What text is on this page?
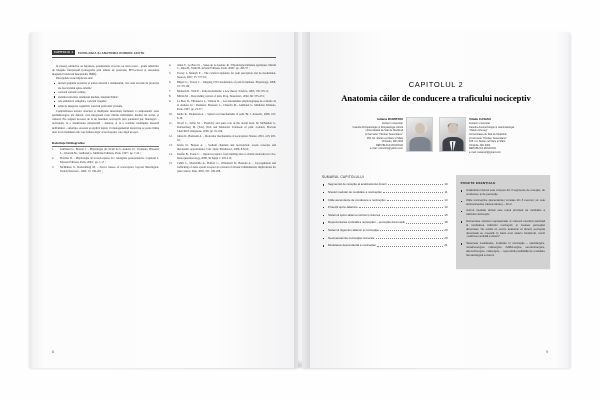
CAPITOLUL 1	FIZIOLOGIA ȘI ANATOMIA DURERII ACUTE

în traseu), tehnicilor de depunere, potențialelor evocate, iar mai recent – grație tehnicilor de imagine funcțională (tomografia prin emisie de pozitroni, PET-scan-ul și rezonanța magnetică nucleară funcțională, fMRI).

Principalele zone implicate sunt:

nucleii grupului posterior și partea laterală a talamusului, care sunt locurile de proiecție ale fasciculului spino-talamic;
cortexul somatic primar;
sistemul reticulat, talamusul median, sistemul limbic;
aria emisferei: amigdala, cortexul cingular;
ariile de integrare cognitivă: cortexul prefrontal și insula.

Complexitatea acestor structuri și multiplele interrelații formează o componentă: zone epidemiologice ale durerii, care integrează toate trăirile individului, mediul lui social, și cultural. Ele asigură trecerea de la un fenomen nociceptiv prin parametri pur fiziologici – nocicepția, la o manifestare emoțională – durerea, și la o realitate totalmente inerentă individului – suferința. Aceasta și explică faptul, că managementul durerii nu se poate limita doar la un tratament etiic sau farmacologic al nocicepției, care după un eșec.

Referințe bibliografice
Guilband G., Besson J. – Physiologie du circuit de la douleur. In : Douleurs. Brasseur L., Chauvin M., Guilband G. Médicine Editions, Paris, 1997 : pp. 7-22 ;
Fletcher D. – Physiologie de la nociception. In : Analgésie postopératoire. Capitolul 2. Masson Editions, Paris, 2004 : pp. 1-17 ;
McMahon S., Koltzenburg M. – Novel classes of nociceptors: beyond Sherrington. Trends Neurosci., 1992, 15: 199-201 ;
Allen F., Le Bars D. – Voies de la douleur. In : Physiologie humaine appliquée. Martin C., Riou B., Vallet B. Arnette Editions, Paris, 2006 : pp. 445-57 ;
Tracey I., Mantyh P. – The cerebral signature for pain perception and its modulation. Neuron, 2007, 55: 377-91;
Bingel U., Tracey I. – Imaging CNS modulation of pain in humans. Physiology, 2008, 23: 371-80;
Melzack R., Wall P. – Pain mechanisms: a new theory. Science, 1965, 150: 971-9;
Millan M. – Descending control of pain. Prog. Neurobiol., 2002, 66: 355-474 ;
Le Bars D., Villanueva L., Chitour D. – Les mécanismes physiologiques de contrôle de la douleur. In : Douleurs. Brasseur L., Chauvin M., Guilband G. Médicine Editions, Paris, 1997, pp. 23-37;
Mello R., Dickenson A. – Spinal cord mechanisms of pain. Br. J. Anaesth., 2008, 101: 8-16;
Woolf C., Salter M. – Plasticity and pain: role of the dorsal horn. In: McMahon S., Koltzenburg M. (Eds). Wall and Melzack's Textbook of pain. London, Elsevier Churchill Livingstone, 2006, pp. 91-106;
Julius D., Basbaum A. – Molecular mechanisms of nociception. Nature, 2001, 413: 203-10;
Krebs D., Besson A. – Sodium channels and nociception: recent concepts and therapeutic opportunities. Curr. Opin. Pharmacol., 2008, 8:50-6;
Kieffer B., Evans C. – Opioid receptors: from binding sites to visible molecules in vivo. Neuropharmacology, 2008, 56 Suppl 1: 205-212;
Cahill C., Morinville A., Hoffert C., O'Donnell D., Beaudet A. – Up-regulation and trafficking of delta opioid receptor in a model of chronic inflammation: implications for pain control. Pain, 2003, 101: 199-208.
8
CAPITOLUL 2
Anatomia căilor de conducere a traficului nociceptiv
Iuliana DUMITRIU
Asistent universitar
Catedra Fiziopatologie și fiziopatologie clinică
Universitatea de Stat de Medicină
și Farmacie "Nicolae Testemițanu"
165, bd. Ștefan cel Mare și Sfânt
Chișinău, MD 2004
REPUBLICA MOLDOVA
e-mail: i.dumitriu@yahoo.com
Vitalie CASIAN
Asistent universitar
Catedra Anesteziologie și reanimatologie
"Valeriu Ghereg"
Universitatea de Stat de Medicină
și Farmacie "Nicolae Testemițanu"
165, bd. Ștefan cel Mare și Sfânt
Chișinău, MD 2004
REPUBLICA MOLDOVA
e-mail: casianvit@gmail.com
SUMARUL CAPITOLULUI
Segmentul de recepție al analizatorului durerii	10
Nivelul medular de modulare a nocicepției	11
Căile ascendente de conducere a nocicepției	13
Proiecții spino-talamice	13
Sistemul spino-talamo-cortical și durerea	15
Reprezentarea corticală a nocicepției – percepția dureroasă	18
Sistemul trigemino-talamic și nocicepția	20
Neuroanatomia nocicepției viscerale	20
Modularea descendentă a nocicepției	21
PUNCTE ESENȚIALE
Analizatorul durerii este compus din 3 segmente de recepție, de conducere și de percepție.
Căile nociceptive (ascendente) constau din 3 neuroni, iar cele antinociceptive (descendente) – din 2.
Cornul medular dorsal este releul principal de modulare a traficului nociceptiv.
Numeroase structuri supraspinale și cortexul cerebral participă la modularea traficului nociceptiv și crearea percepției dureroase. Nu există un centru anatomic al durerii; percepția dureroasă se creează în baza unui sistem funcțional, numit „matricea centrală a durerii".
Sistemele mediatoare, implicate în nocicepție – opioidergice, noradrenergice, colinergice, GABA-ergice, serotoninergice, adenozinergice, colinergice – reprezintă posibilități de modulare farmacologică a durerii.
9
